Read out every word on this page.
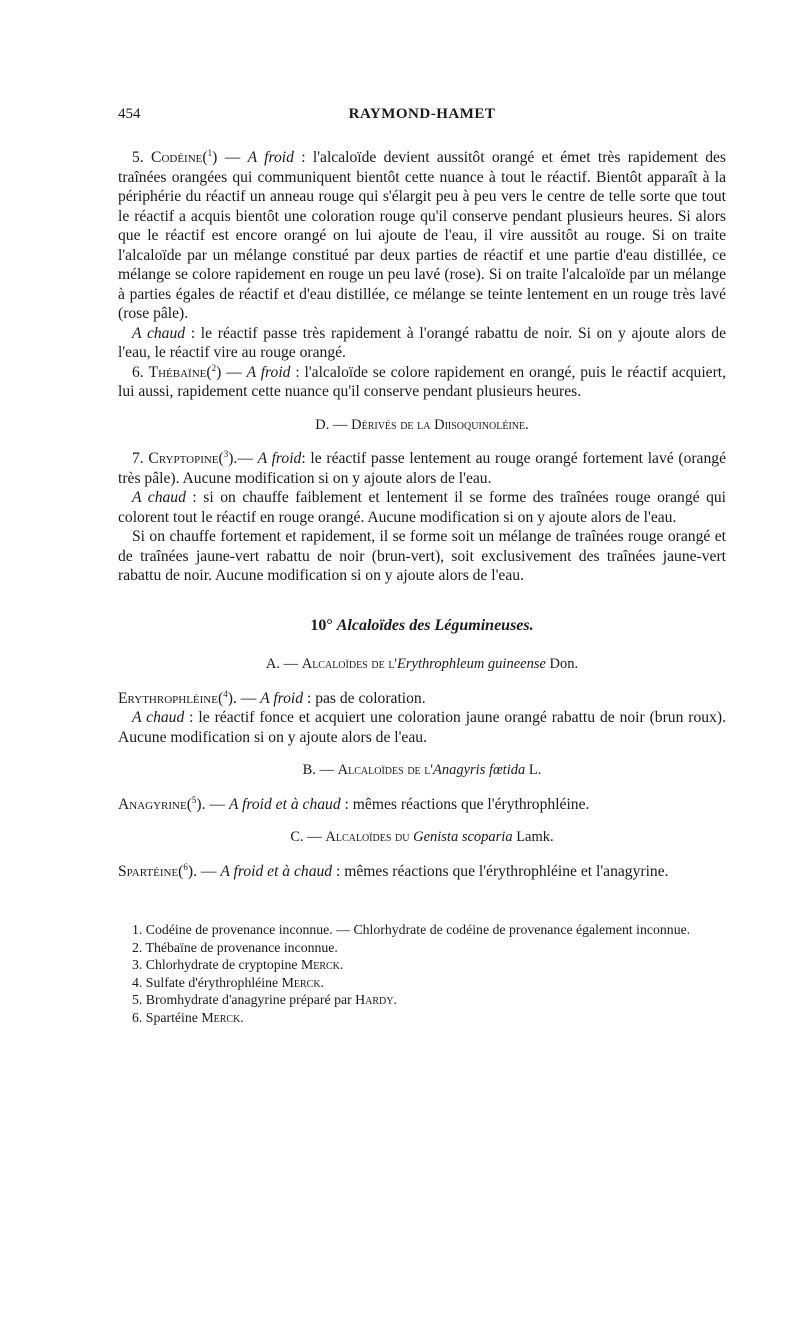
454	RAYMOND-HAMET

5. Codéine($^1$) — A froid : l'alcaloïde devient aussitôt orangé et émet très rapidement des traînées orangées qui communiquent bientôt cette nuance à tout le réactif. Bientôt apparaît à la périphérie du réactif un anneau rouge qui s'élargit peu à peu vers le centre de telle sorte que tout le réactif a acquis bientôt une coloration rouge qu'il conserve pendant plusieurs heures. Si alors que le réactif est encore orangé on lui ajoute de l'eau, il vire aussitôt au rouge. Si on traite l'alcaloïde par un mélange constitué par deux parties de réactif et une partie d'eau distillée, ce mélange se colore rapidement en rouge un peu lavé (rose). Si on traite l'alcaloïde par un mélange à parties égales de réactif et d'eau distillée, ce mélange se teinte lentement en un rouge très lavé (rose pâle).

A chaud : le réactif passe très rapidement à l'orangé rabattu de noir. Si on y ajoute alors de l'eau, le réactif vire au rouge orangé.

6. Thébaïne($^2$) — A froid : l'alcaloïde se colore rapidement en orangé, puis le réactif acquiert, lui aussi, rapidement cette nuance qu'il conserve pendant plusieurs heures.

D. — Dérivés de la Diisoquinoléine.

7. Cryptopine($^3$).— A froid: le réactif passe lentement au rouge orangé fortement lavé (orangé très pâle). Aucune modification si on y ajoute alors de l'eau.

A chaud : si on chauffe faiblement et lentement il se forme des traînées rouge orangé qui colorent tout le réactif en rouge orangé. Aucune modification si on y ajoute alors de l'eau.

Si on chauffe fortement et rapidement, il se forme soit un mélange de traînées rouge orangé et de traînées jaune-vert rabattu de noir (brun-vert), soit exclusivement des traînées jaune-vert rabattu de noir. Aucune modification si on y ajoute alors de l'eau.

10° Alcaloïdes des Légumineuses.
A. — Alcaloïdes de l'Erythrophleum guineense Don.

Erythrophléine($^4$). — A froid : pas de coloration.

A chaud : le réactif fonce et acquiert une coloration jaune orangé rabattu de noir (brun roux). Aucune modification si on y ajoute alors de l'eau.

B. — Alcaloïdes de l'Anagyris fœtida L.

Anagyrine($^5$). — A froid et à chaud : mêmes réactions que l'érythrophléine.

C. — Alcaloïdes du Genista scoparia Lamk.

Spartéine($^6$). — A froid et à chaud : mêmes réactions que l'érythrophléine et l'anagyrine.

1. Codéine de provenance inconnue. — Chlorhydrate de codéine de provenance également inconnue.

2. Thébaïne de provenance inconnue.

3. Chlorhydrate de cryptopine Merck.

4. Sulfate d'érythrophléine Merck.

5. Bromhydrate d'anagyrine préparé par Hardy.

6. Spartéine Merck.
